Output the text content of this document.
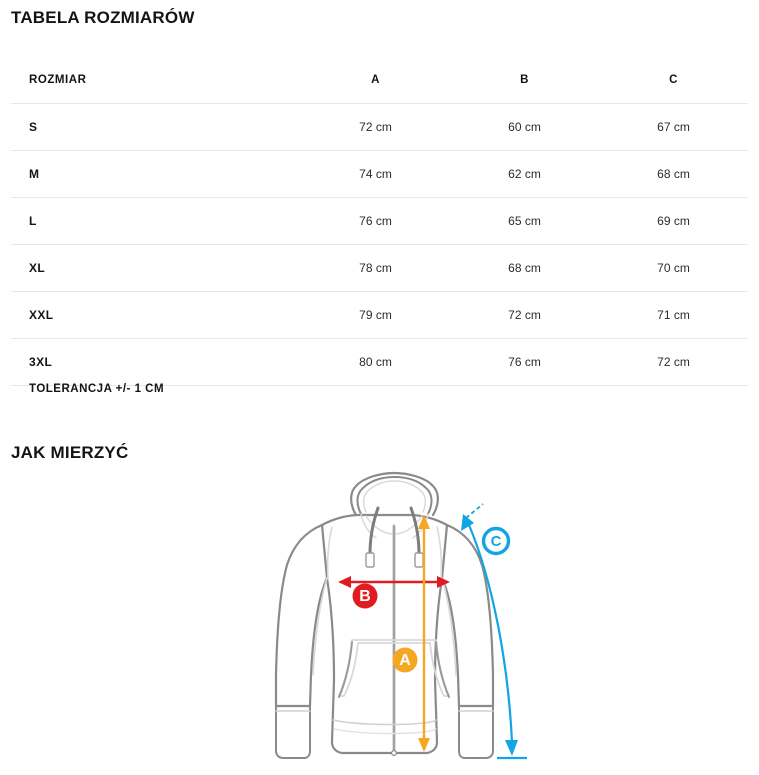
TABELA ROZMIARÓW
ROZMIAR	A	B	C
S	72 cm	60 cm	67 cm
M	74 cm	62 cm	68 cm
L	76 cm	65 cm	69 cm
XL	78 cm	68 cm	70 cm
XXL	79 cm	72 cm	71 cm
3XL	80 cm	76 cm	72 cm
TOLERANCJA +/- 1 CM
JAK MIERZYĆ
B
A
C
